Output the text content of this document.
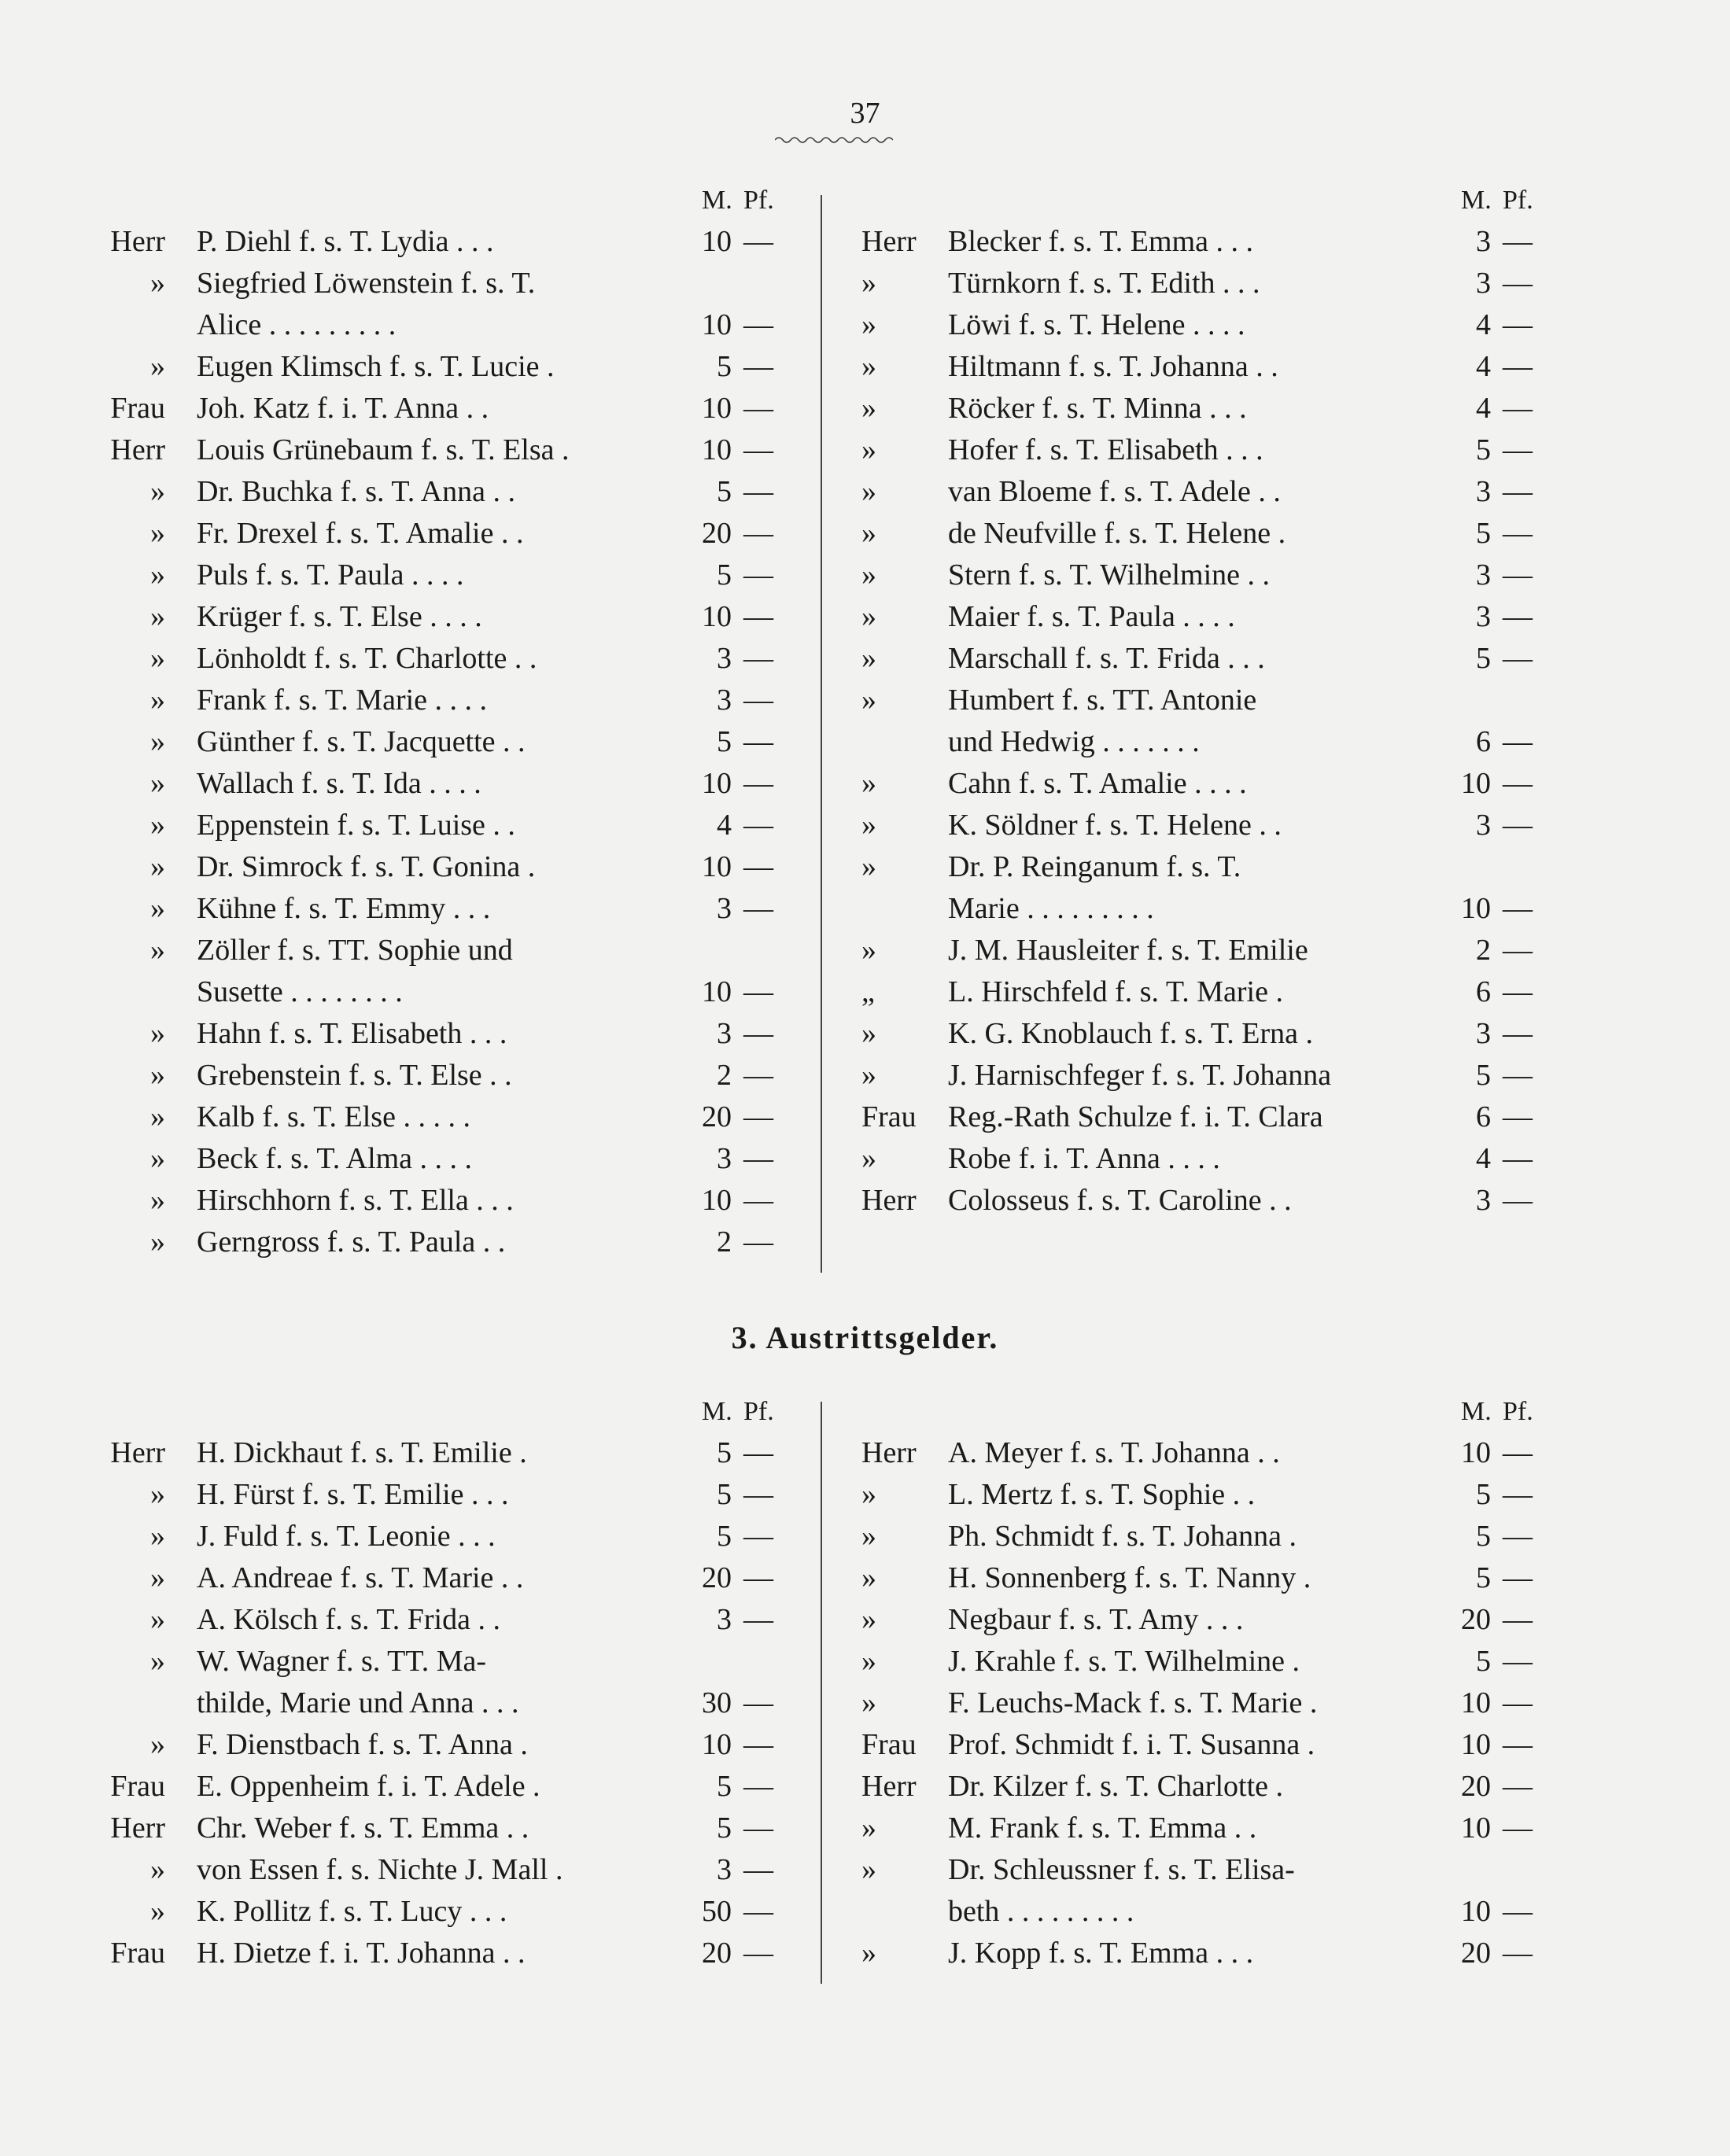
37
M. Pf.
Herr P. Diehl f. s. T. Lydia . . .	10 —
» Siegfried Löwenstein f. s. T.
Alice . . . . . . . . .	10 —
» Eugen Klimsch f. s. T. Lucie .	5 —
Frau Joh. Katz f. i. T. Anna . .	10 —
Herr Louis Grünebaum f. s. T. Elsa .	10 —
» Dr. Buchka f. s. T. Anna . .	5 —
» Fr. Drexel f. s. T. Amalie . .	20 —
» Puls f. s. T. Paula . . . .	5 —
» Krüger f. s. T. Else . . . .	10 —
» Lönholdt f. s. T. Charlotte . .	3 —
» Frank f. s. T. Marie . . . .	3 —
» Günther f. s. T. Jacquette . .	5 —
» Wallach f. s. T. Ida . . . .	10 —
» Eppenstein f. s. T. Luise . .	4 —
» Dr. Simrock f. s. T. Gonina .	10 —
» Kühne f. s. T. Emmy . . .	3 —
» Zöller f. s. TT. Sophie und
Susette . . . . . . . .	10 —
» Hahn f. s. T. Elisabeth . . .	3 —
» Grebenstein f. s. T. Else . .	2 —
» Kalb f. s. T. Else . . . . .	20 —
» Beck f. s. T. Alma . . . .	3 —
» Hirschhorn f. s. T. Ella . . .	10 —
» Gerngross f. s. T. Paula . .	2 —
M. Pf.
Herr	Blecker f. s. T. Emma . . .	3 —
»	Türnkorn f. s. T. Edith . . .	3 —
»	Löwi f. s. T. Helene . . . .	4 —
»	Hiltmann f. s. T. Johanna . .	4 —
»	Röcker f. s. T. Minna . . .	4 —
»	Hofer f. s. T. Elisabeth . . .	5 —
»	van Bloeme f. s. T. Adele . .	3 —
»	de Neufville f. s. T. Helene .	5 —
»	Stern f. s. T. Wilhelmine . .	3 —
»	Maier f. s. T. Paula . . . .	3 —
»	Marschall f. s. T. Frida . . .	5 —
»	Humbert f. s. TT. Antonie
und Hedwig . . . . . . .	6 —
»	Cahn f. s. T. Amalie . . . .	10 —
»	K. Söldner f. s. T. Helene . .	3 —
»	Dr. P. Reinganum f. s. T.
Marie . . . . . . . . .	10 —
»	J. M. Hausleiter f. s. T. Emilie	2 —
„	L. Hirschfeld f. s. T. Marie .	6 —
»	K. G. Knoblauch f. s. T. Erna .	3 —
»	J. Harnischfeger f. s. T. Johanna	5 —
Frau	Reg.-Rath Schulze f. i. T. Clara	6 —
»	Robe f. i. T. Anna . . . .	4 —
Herr	Colosseus f. s. T. Caroline . .	3 —
3. Austrittsgelder.
M. Pf.
Herr H. Dickhaut f. s. T. Emilie .	5 —
» H. Fürst f. s. T. Emilie . . .	5 —
» J. Fuld f. s. T. Leonie . . .	5 —
» A. Andreae f. s. T. Marie . .	20 —
» A. Kölsch f. s. T. Frida . .	3 —
» W. Wagner f. s. TT. Ma-
thilde, Marie und Anna . . .	30 —
» F. Dienstbach f. s. T. Anna .	10 —
Frau E. Oppenheim f. i. T. Adele .	5 —
Herr Chr. Weber f. s. T. Emma . .	5 —
» von Essen f. s. Nichte J. Mall .	3 —
» K. Pollitz f. s. T. Lucy . . .	50 —
Frau H. Dietze f. i. T. Johanna . .	20 —
M. Pf.
Herr	A. Meyer f. s. T. Johanna . .	10 —
»	L. Mertz f. s. T. Sophie . .	5 —
»	Ph. Schmidt f. s. T. Johanna .	5 —
»	H. Sonnenberg f. s. T. Nanny .	5 —
»	Negbaur f. s. T. Amy . . .	20 —
»	J. Krahle f. s. T. Wilhelmine .	5 —
»	F. Leuchs-Mack f. s. T. Marie .	10 —
Frau	Prof. Schmidt f. i. T. Susanna .	10 —
Herr	Dr. Kilzer f. s. T. Charlotte .	20 —
»	M. Frank f. s. T. Emma . .	10 —
»	Dr. Schleussner f. s. T. Elisa-
beth . . . . . . . . .	10 —
»	J. Kopp f. s. T. Emma . . .	20 —
